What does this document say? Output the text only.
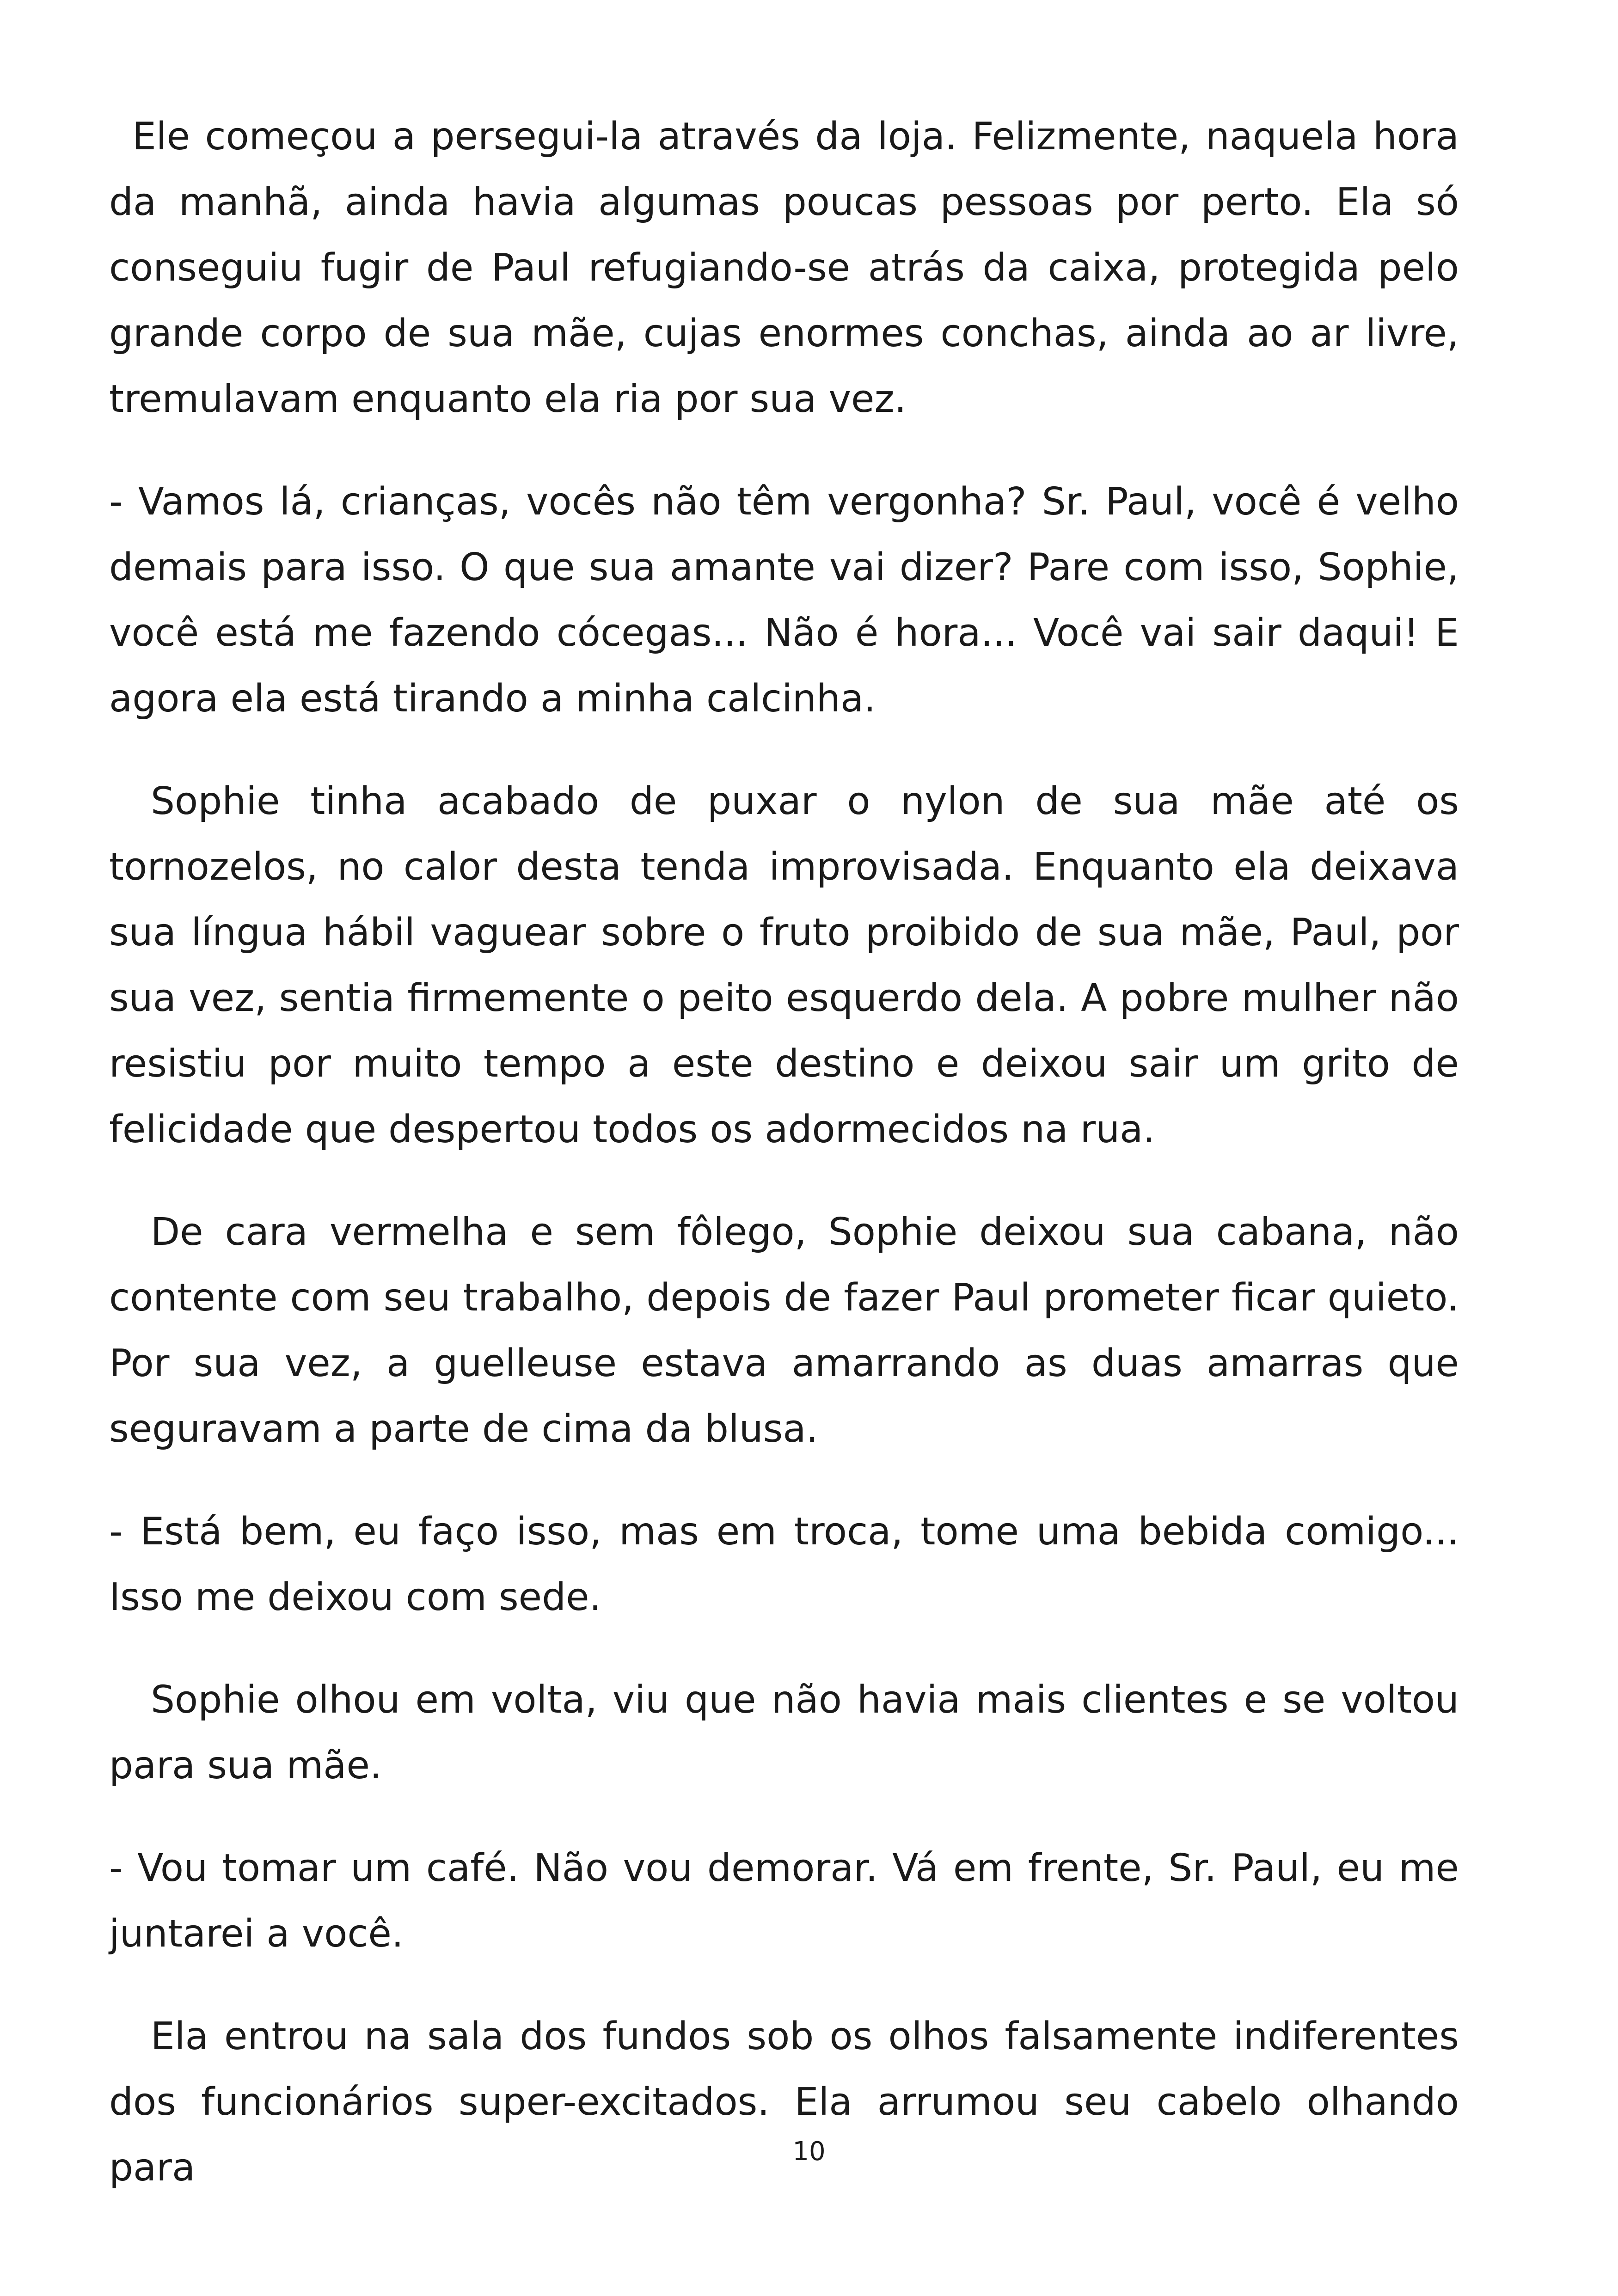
Ele começou a persegui-la através da loja. Felizmente, naquela hora da manhã, ainda havia algumas poucas pessoas por perto. Ela só conseguiu fugir de Paul refugiando-se atrás da caixa, protegida pelo grande corpo de sua mãe, cujas enormes conchas, ainda ao ar livre, tremulavam enquanto ela ria por sua vez.

- Vamos lá, crianças, vocês não têm vergonha? Sr. Paul, você é velho demais para isso. O que sua amante vai dizer? Pare com isso, Sophie, você está me fazendo cócegas... Não é hora... Você vai sair daqui! E agora ela está tirando a minha calcinha.

Sophie tinha acabado de puxar o nylon de sua mãe até os tornozelos, no calor desta tenda improvisada. Enquanto ela deixava sua língua hábil vaguear sobre o fruto proibido de sua mãe, Paul, por sua vez, sentia firmemente o peito esquerdo dela. A pobre mulher não resistiu por muito tempo a este destino e deixou sair um grito de felicidade que despertou todos os adormecidos na rua.

De cara vermelha e sem fôlego, Sophie deixou sua cabana, não contente com seu trabalho, depois de fazer Paul prometer ficar quieto. Por sua vez, a guelleuse estava amarrando as duas amarras que seguravam a parte de cima da blusa.

- Está bem, eu faço isso, mas em troca, tome uma bebida comigo... Isso me deixou com sede.

Sophie olhou em volta, viu que não havia mais clientes e se voltou para sua mãe.

- Vou tomar um café. Não vou demorar. Vá em frente, Sr. Paul, eu me juntarei a você.

Ela entrou na sala dos fundos sob os olhos falsamente indiferentes dos funcionários super-excitados. Ela arrumou seu cabelo olhando para	10
